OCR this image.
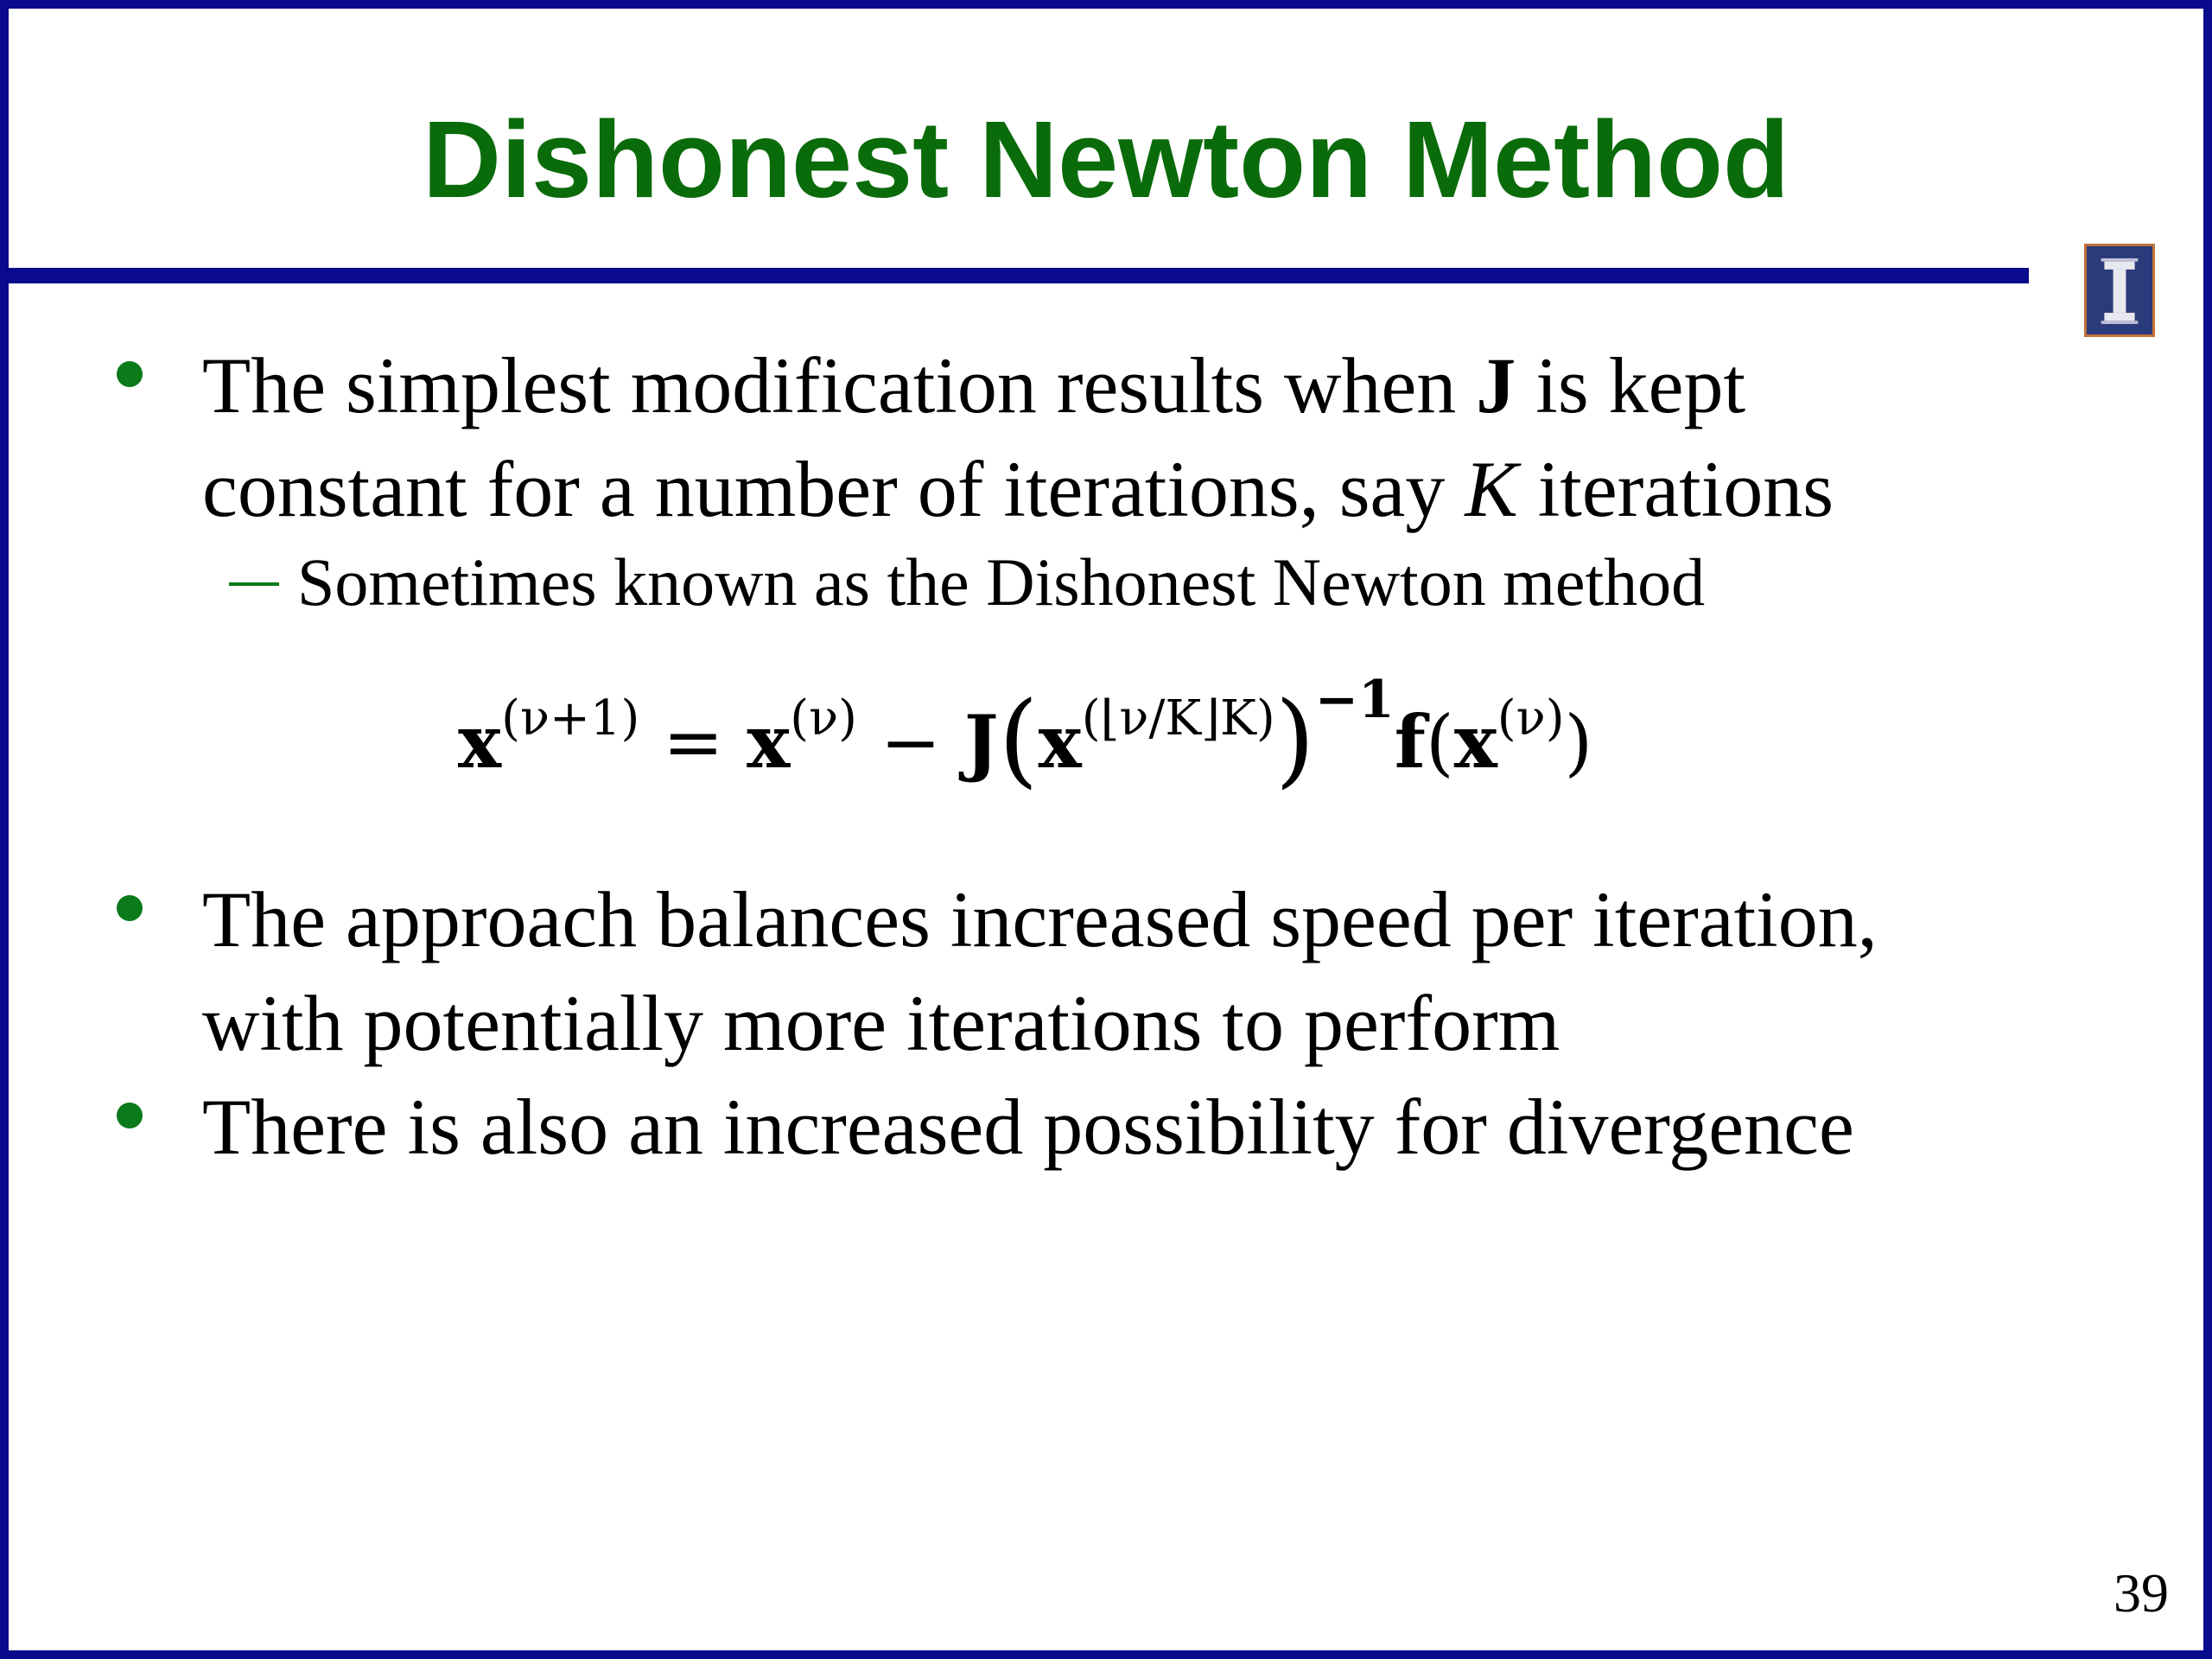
Dishonest Newton Method
The simplest modification results when J is kept
constant for a number of iterations, say K iterations
Sometimes known as the Dishonest Newton method
$x^{(\nu+1)} = x^{(\nu)} - J(x^{(⌊\nu/K⌋K)})^{-1}f(x^{(\nu)})$
The approach balances increased speed per iteration,
with potentially more iterations to perform
There is also an increased possibility for divergence
39
